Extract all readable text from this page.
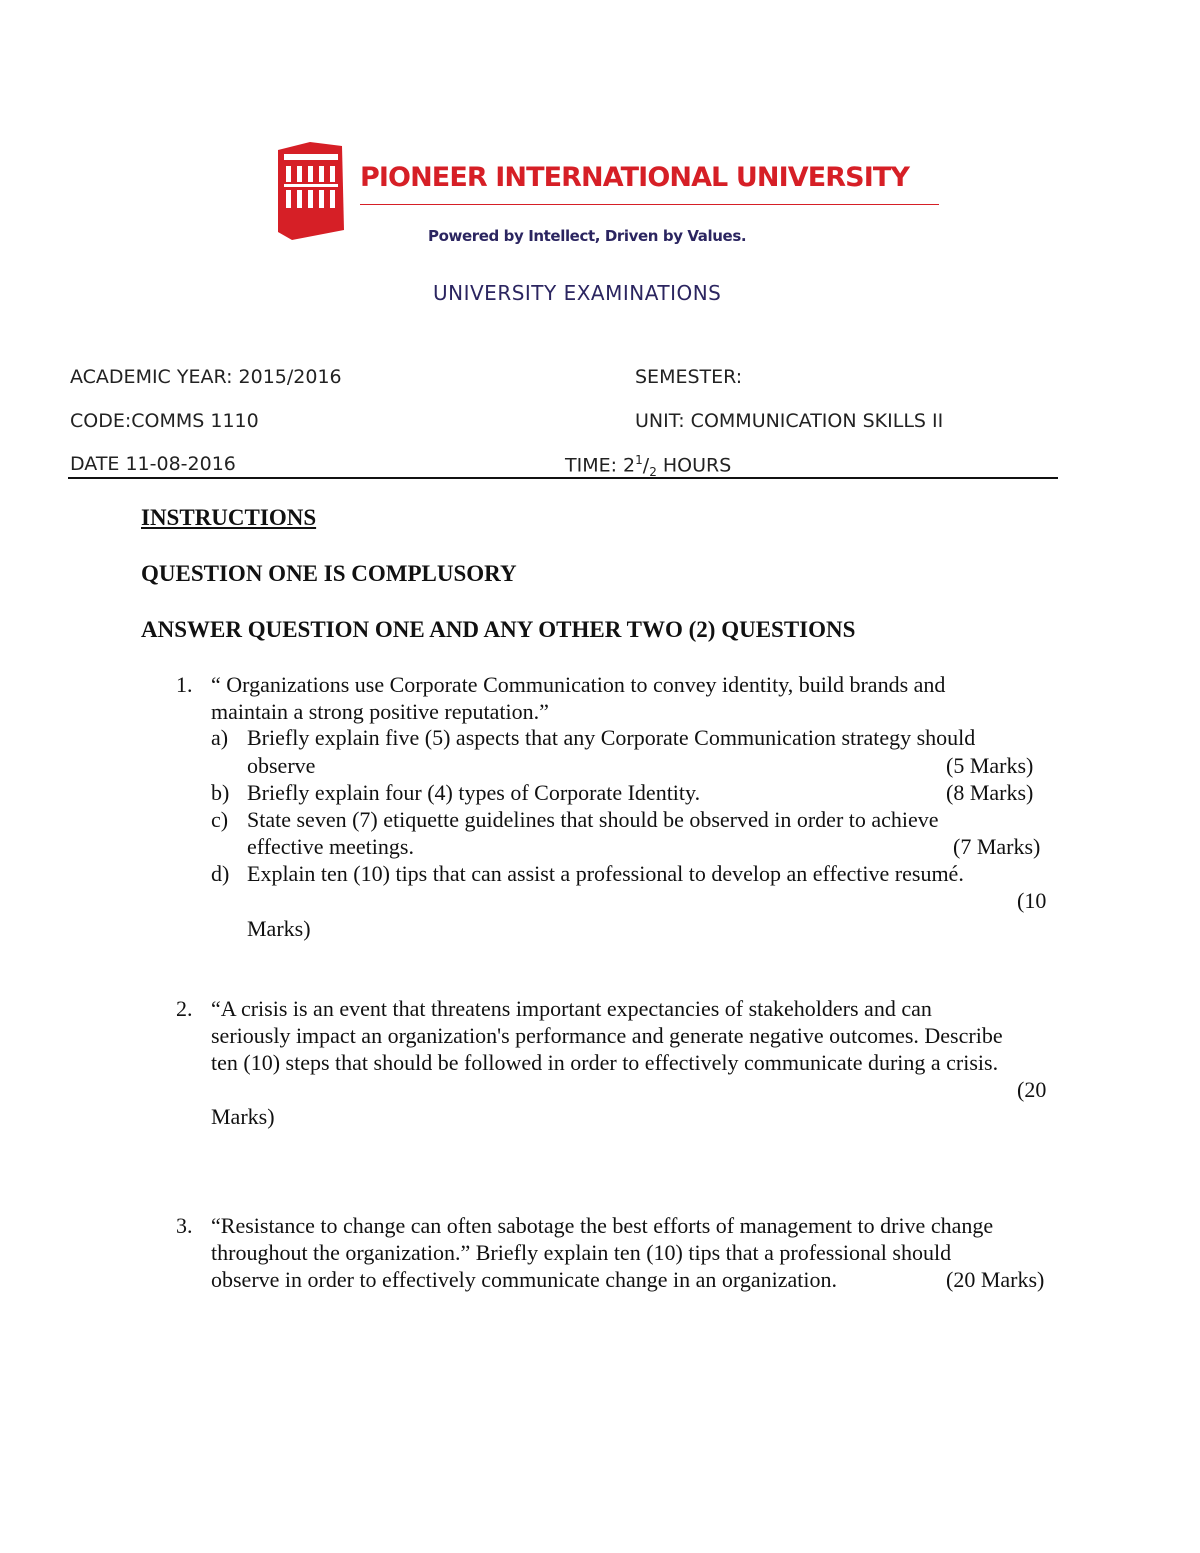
PIONEER INTERNATIONAL UNIVERSITY
Powered by Intellect, Driven by Values.
UNIVERSITY EXAMINATIONS
ACADEMIC YEAR: 2015/2016	SEMESTER:
CODE:COMMS 1110	UNIT: COMMUNICATION SKILLS II
DATE 11-08-2016	TIME: $2^1/_2$ HOURS
INSTRUCTIONS

QUESTION ONE IS COMPLUSORY

ANSWER QUESTION ONE AND ANY OTHER TWO (2) QUESTIONS

1. “ Organizations use Corporate Communication to convey identity, build brands and
maintain a strong positive reputation.”
a) Briefly explain five (5) aspects that any Corporate Communication strategy should
observe	(5 Marks)
b) Briefly explain four (4) types of Corporate Identity.	(8 Marks)
c) State seven (7) etiquette guidelines that should be observed in order to achieve
effective meetings.	(7 Marks)
d) Explain ten (10) tips that can assist a professional to develop an effective resumé.
(10
Marks)
2. “A crisis is an event that threatens important expectancies of stakeholders and can
seriously impact an organization's performance and generate negative outcomes. Describe
ten (10) steps that should be followed in order to effectively communicate during a crisis.
(20
Marks)
3. “Resistance to change can often sabotage the best efforts of management to drive change
throughout the organization.” Briefly explain ten (10) tips that a professional should
observe in order to effectively communicate change in an organization.	(20 Marks)
